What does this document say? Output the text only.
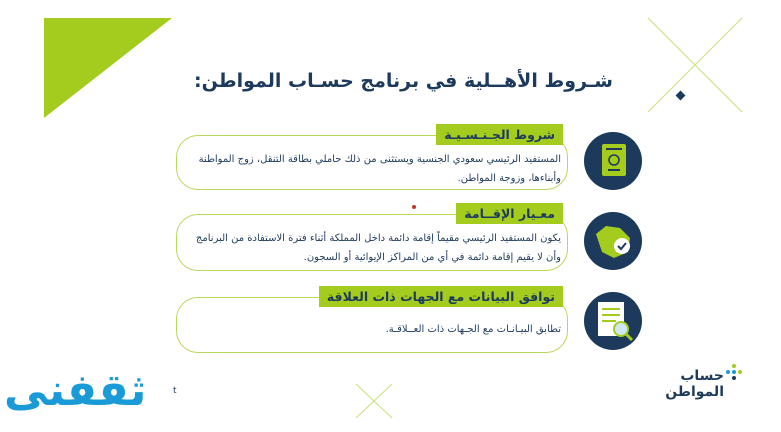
شـروط الأهــلية في برنامج حسـاب المواطن:
شروط الجـنـسـيـة
المستفيد الرئيسي سعودي الجنسية ويستثنى من ذلك حاملي بطاقة التنقل، زوج المواطنة
وأبناءها، وزوجة المواطن.
معـيار الإقــامة
يكون المستفيد الرئيسي مقيماً إقامة دائمة داخل المملكة أثناء فترة الاستفادة من البرنامج
وأن لا يقيم إقامة دائمة في أي من المراكز الإيوائية أو السجون.
توافق البيانات مع الجهات ذات العلاقة
تطابق البيـانـات مع الجـهات ذات العــلاقـة.
ثقفنى	t
حساب
المواطن
